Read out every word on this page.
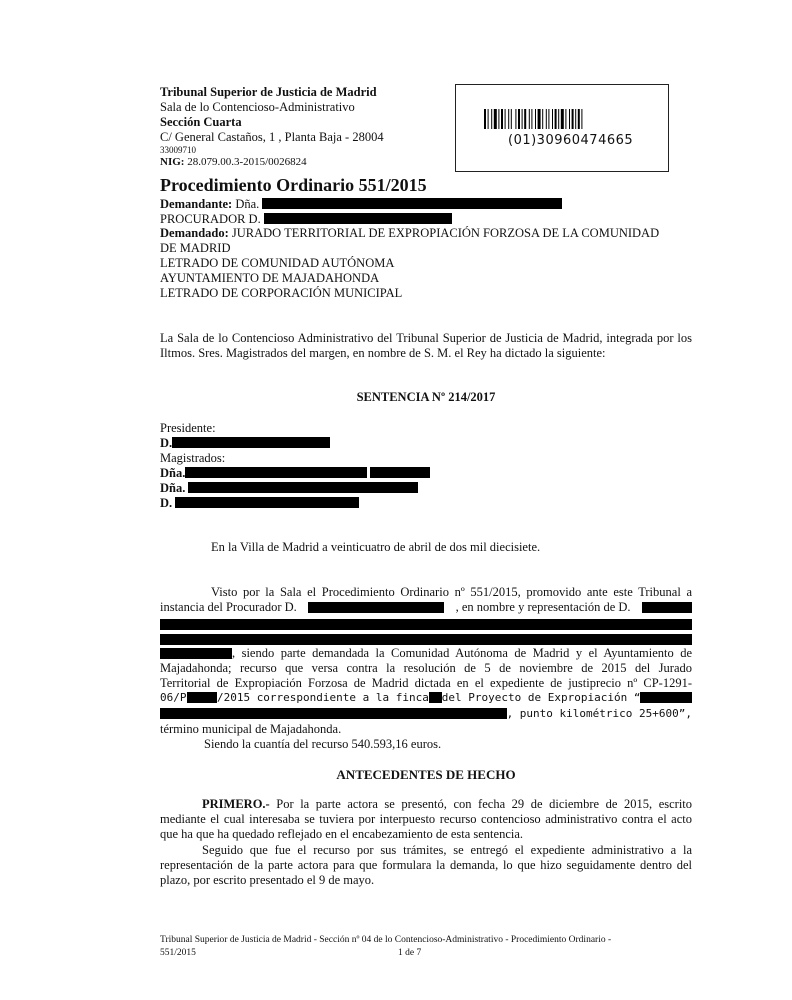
Tribunal Superior de Justicia de Madrid
Sala de lo Contencioso-Administrativo
Sección Cuarta
C/ General Castaños, 1 , Planta Baja - 28004
33009710
NIG: 28.079.00.3-2015/0026824
(01)30960474665
Procedimiento Ordinario 551/2015
Demandante: Dña.
PROCURADOR D.
Demandado: JURADO TERRITORIAL DE EXPROPIACIÓN FORZOSA DE LA COMUNIDAD
DE MADRID
LETRADO DE COMUNIDAD AUTÓNOMA
AYUNTAMIENTO DE MAJADAHONDA
LETRADO DE CORPORACIÓN MUNICIPAL
La Sala de lo Contencioso Administrativo del Tribunal Superior de Justicia de Madrid, integrada por los Iltmos. Sres. Magistrados del margen, en nombre de S. M. el Rey ha dictado la siguiente:
SENTENCIA Nº 214/2017
Presidente:
D.
Magistrados:
Dña.
Dña.
D.
En la Villa de Madrid a veinticuatro de abril de dos mil diecisiete.
Visto por la Sala el Procedimiento Ordinario nº 551/2015, promovido ante este Tribunal a
instancia del Procurador D.	, en nombre y representación de D.
, siendo parte demandada la Comunidad Autónoma de Madrid y el Ayuntamiento de
Majadahonda; recurso que versa contra la resolución de 5 de noviembre de 2015 del Jurado
Territorial de Expropiación Forzosa de Madrid dictada en el expediente de justiprecio nº CP-1291-
06/P	/2015 correspondiente a la finca del Proyecto de Expropiación “
, punto kilométrico 25+600”,
término municipal de Majadahonda.
Siendo la cuantía del recurso 540.593,16 euros.
ANTECEDENTES DE HECHO
PRIMERO.- Por la parte actora se presentó, con fecha 29 de diciembre de 2015, escrito mediante el cual interesaba se tuviera por interpuesto recurso contencioso administrativo contra el acto que ha que ha quedado reflejado en el encabezamiento de esta sentencia.
Seguido que fue el recurso por sus trámites, se entregó el expediente administrativo a la representación de la parte actora para que formulara la demanda, lo que hizo seguidamente dentro del plazo, por escrito presentado el 9 de mayo.
Tribunal Superior de Justicia de Madrid - Sección nº 04 de lo Contencioso-Administrativo - Procedimiento Ordinario -
551/2015	1 de 7
